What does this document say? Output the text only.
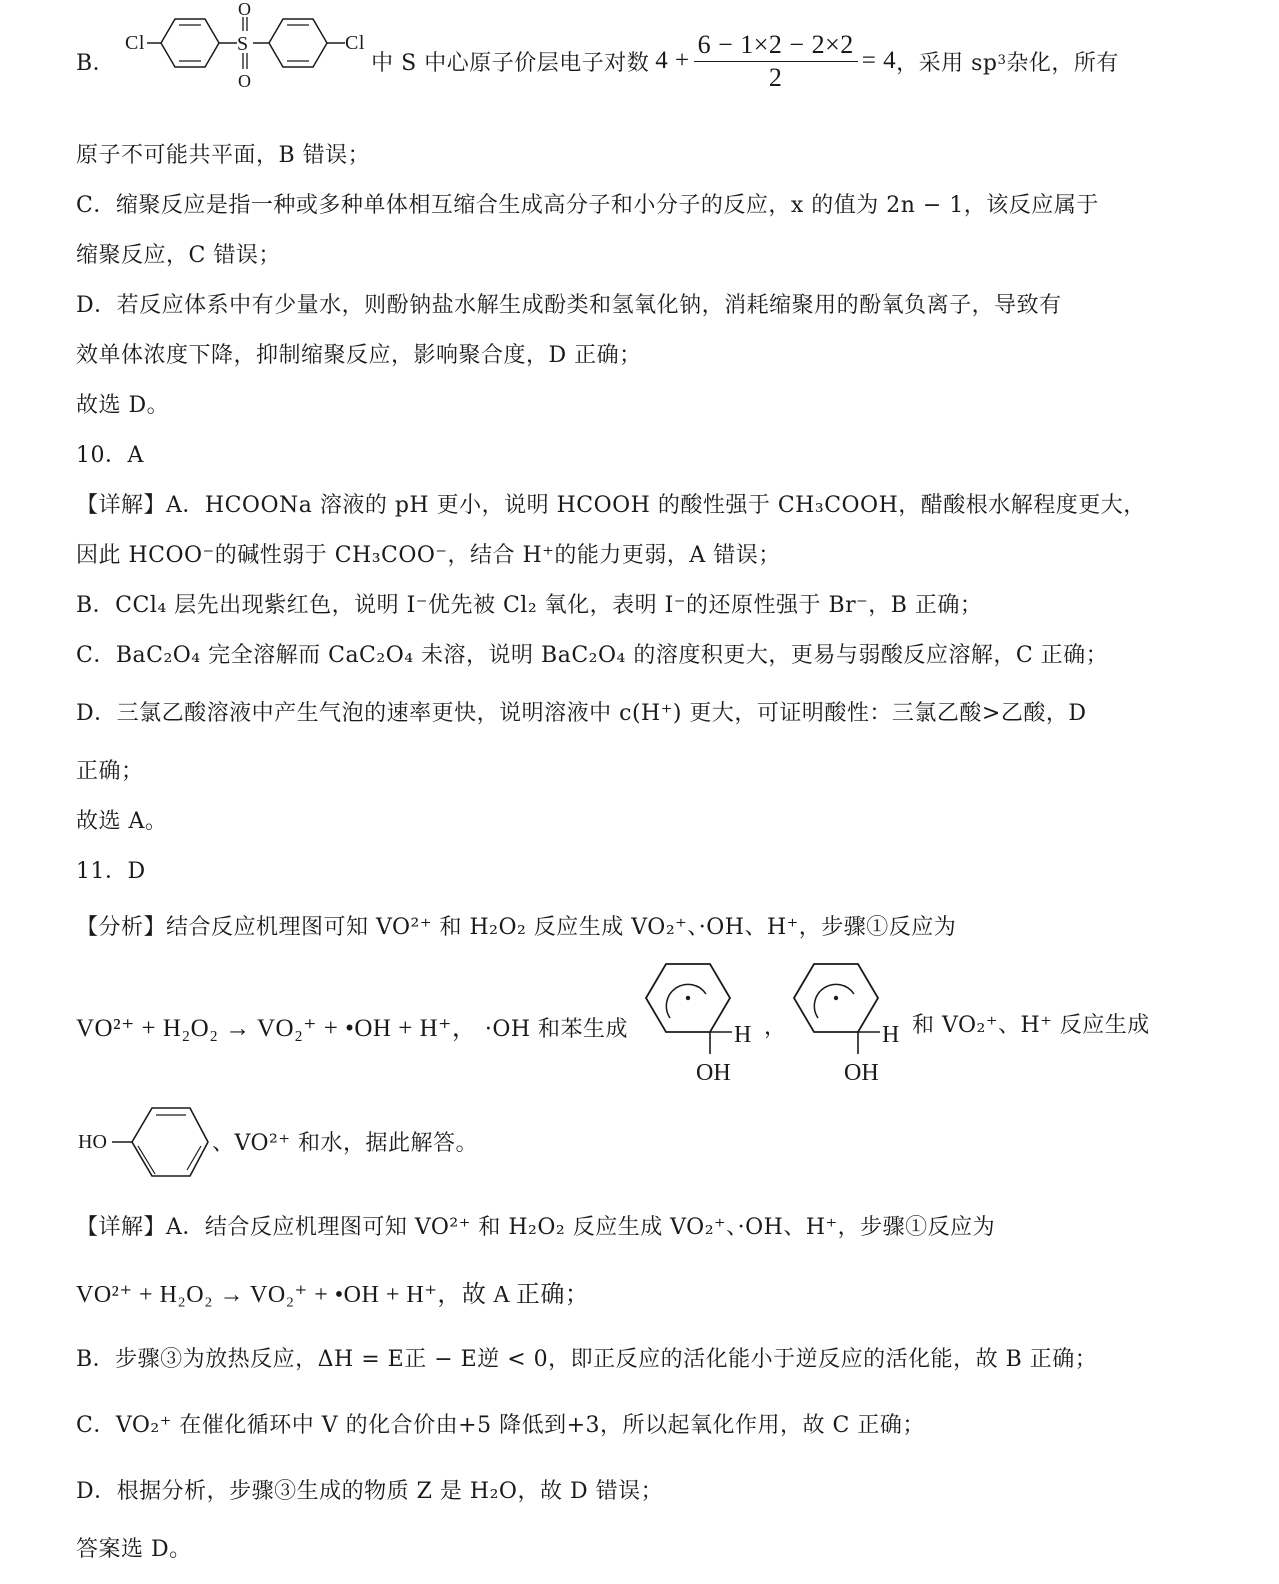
B．
Cl	S
O
O
Cl
中 S 中心原子价层电子对数 $4 + \frac{6 - 1\times 2 - 2\times 2}{2} = 4$ ，采用 sp 3 杂化，所有
原子不可能共平面，B 错误；
C．缩聚反应是指一种或多种单体相互缩合生成高分子和小分子的反应，x 的值为 2n − 1，该反应属于
缩聚反应，C 错误；
D．若反应体系中有少量水，则酚钠盐水解生成酚类和氢氧化钠，消耗缩聚用的酚氧负离子，导致有
效单体浓度下降，抑制缩聚反应，影响聚合度，D 正确；
故选 D。
10．A
【详解】A．HCOONa 溶液的 pH 更小，说明 HCOOH 的酸性强于 CH₃COOH，醋酸根水解程度更大，
因此 HCOO⁻的碱性弱于 CH₃COO⁻，结合 H⁺的能力更弱，A 错误；
B．CCl₄ 层先出现紫红色，说明 I⁻优先被 Cl₂ 氧化，表明 I⁻的还原性强于 Br⁻，B 正确；
C．BaC₂O₄ 完全溶解而 CaC₂O₄ 未溶，说明 BaC₂O₄ 的溶度积更大，更易与弱酸反应溶解，C 正确；
D．三氯乙酸溶液中产生气泡的速率更快，说明溶液中 c(H⁺) 更大，可证明酸性：三氯乙酸>乙酸，D
正确；
故选 A。
11．D
【分析】结合反应机理图可知 VO²⁺ 和 H₂O₂ 反应生成 VO₂⁺、·OH、H⁺，步骤①反应为
VO²⁺ + H₂O₂ → VO₂⁺ + •OH + H⁺， ·OH 和苯生成	H
OH
，	H
OH
和 VO₂⁺、H⁺ 反应生成
HO	、VO²⁺ 和水，据此解答。
【详解】A．结合反应机理图可知 VO²⁺ 和 H₂O₂ 反应生成 VO₂⁺、·OH、H⁺，步骤①反应为
VO²⁺ + H₂O₂ → VO₂⁺ + •OH + H⁺，故 A 正确；
B．步骤③为放热反应，ΔH = E正 − E逆 < 0，即正反应的活化能小于逆反应的活化能，故 B 正确；
C．VO₂⁺ 在催化循环中 V 的化合价由+5 降低到+3，所以起氧化作用，故 C 正确；
D．根据分析，步骤③生成的物质 Z 是 H₂O，故 D 错误；
答案选 D。
